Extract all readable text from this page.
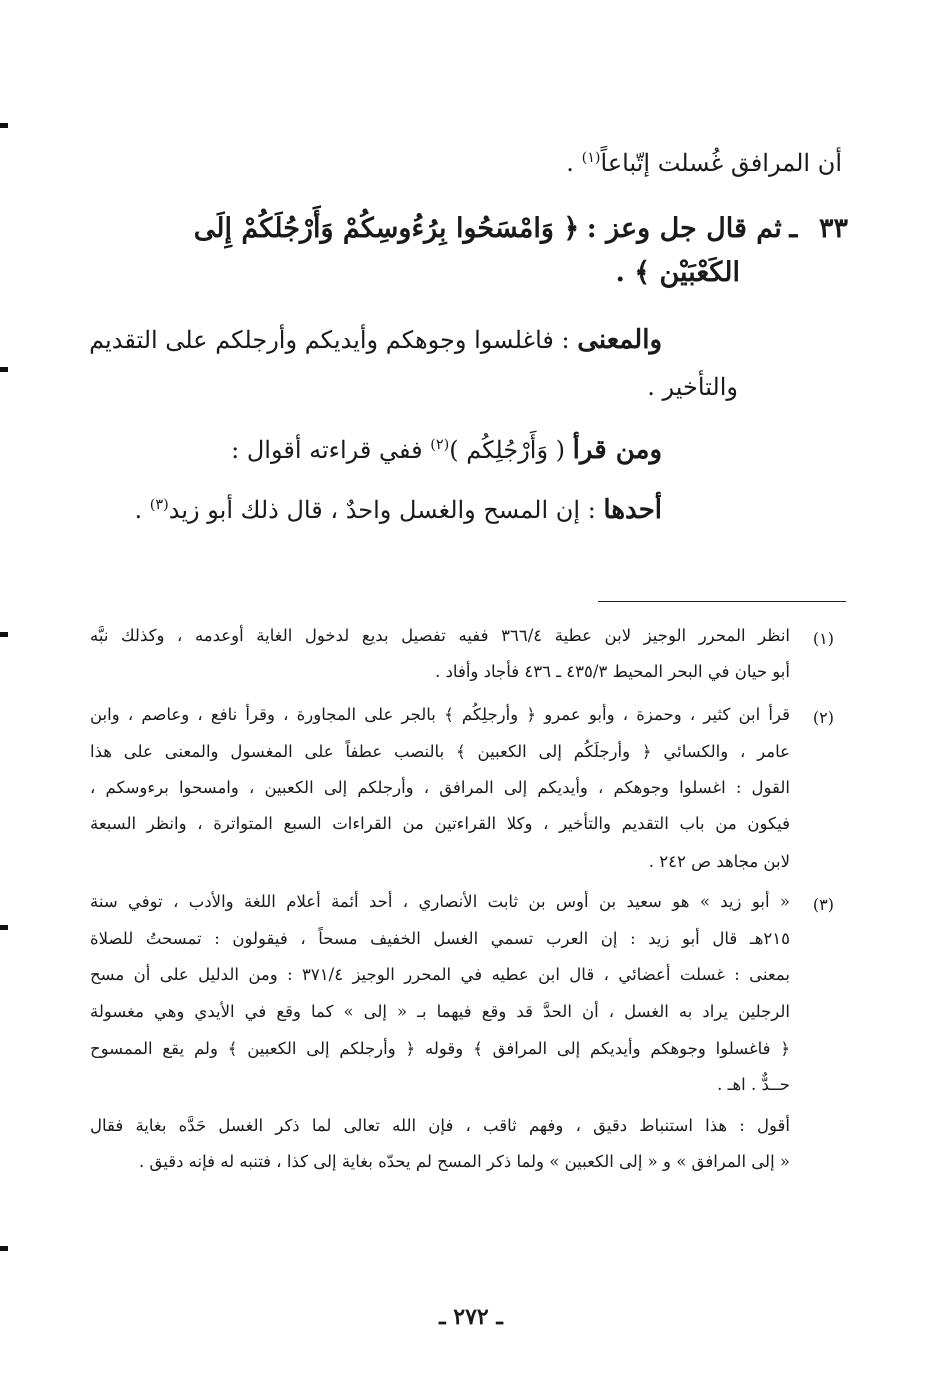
أن المرافق غُسلت إتّباعاً$^{(١)}$ .
٣٣ ـ ثم قال جل وعز : ﴿ وَامْسَحُوا بِرُءُوسِكُمْ وَأَرْجُلَكُمْ إِلَى
الكَعْبَيْن ﴾ .
والمعنى : فاغلسوا وجوهكم وأيديكم وأرجلكم على التقديم
والتأخير .
ومن قرأ ( وَأَرْجُلِكُم )$^{(٢)}$ ففي قراءته أقوال :
أحدها : إن المسح والغسل واحدٌ ، قال ذلك أبو زيد$^{(٣)}$ .
(١)
انظر المحرر الوجيز لابن عطية ٣٦٦/٤ ففيه تفصيل بديع لدخول الغاية أوعدمه ، وكذلك نبَّه
أبو حيان في البحر المحيط ٤٣٥/٣ ـ ٤٣٦ فأجاد وأفاد .
(٢)
قرأ ابن كثير ، وحمزة ، وأبو عمرو ﴿ وأرجلِكُم ﴾ بالجر على المجاورة ، وقرأ نافع ، وعاصم ، وابن
عامر ، والكسائي ﴿ وأرجلَكُم إلى الكعبين ﴾ بالنصب عطفاً على المغسول والمعنى على هذا
القول : اغسلوا وجوهكم ، وأيديكم إلى المرافق ، وأرجلكم إلى الكعبين ، وامسحوا برءوسكم ،
فيكون من باب التقديم والتأخير ، وكلا القراءتين من القراءات السبع المتواترة ، وانظر السبعة
لابن مجاهد ص ٢٤٢ .
(٣)
« أبو زيد » هو سعيد بن أوس بن ثابت الأنصاري ، أحد أئمة أعلام اللغة والأدب ، توفي سنة
٢١٥هـ قال أبو زيد : إن العرب تسمي الغسل الخفيف مسحاً ، فيقولون : تمسحتُ للصلاة
بمعنى : غسلت أعضائي ، قال ابن عطيه في المحرر الوجيز ٣٧١/٤ : ومن الدليل على أن مسح
الرجلين يراد به الغسل ، أن الحدَّ قد وقع فيهما بـ « إلى » كما وقع في الأيدي وهي مغسولة
﴿ فاغسلوا وجوهكم وأيديكم إلى المرافق ﴾ وقوله ﴿ وأرجلكم إلى الكعبين ﴾ ولم يقع الممسوح
حــدٌّ . اهـ .
أقول : هذا استنباط دقيق ، وفهم ثاقب ، فإن الله تعالى لما ذكر الغسل حَدَّه بغاية فقال
« إلى المرافق » و « إلى الكعبين » ولما ذكر المسح لم يحدّه بغاية إلى كذا ، فتنبه له فإنه دقيق .
ـ ٢٧٢ ـ
